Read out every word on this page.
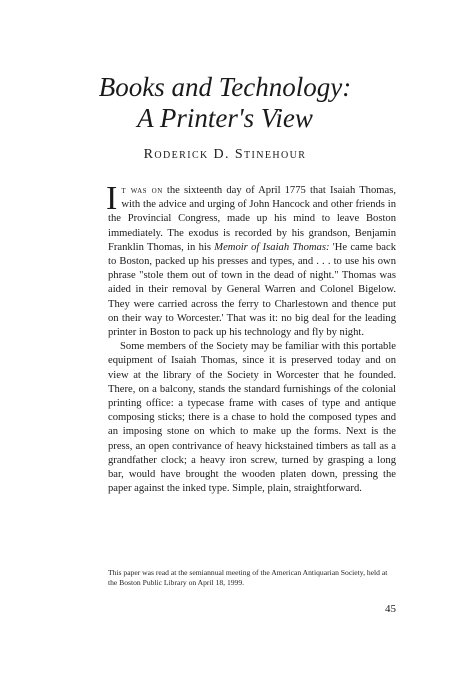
Books and Technology:
A Printer's View
Roderick D. Stinehour

It was on the sixteenth day of April 1775 that Isaiah Thomas, with the advice and urging of John Hancock and other friends in the Provincial Congress, made up his mind to leave Boston immediately. The exodus is recorded by his grandson, Benjamin Franklin Thomas, in his Memoir of Isaiah Thomas: 'He came back to Boston, packed up his presses and types, and . . . to use his own phrase "stole them out of town in the dead of night." Thomas was aided in their removal by General Warren and Colonel Bigelow. They were carried across the ferry to Charlestown and thence put on their way to Worcester.' That was it: no big deal for the leading printer in Boston to pack up his technology and fly by night.

Some members of the Society may be familiar with this portable equipment of Isaiah Thomas, since it is preserved today and on view at the library of the Society in Worcester that he founded. There, on a balcony, stands the standard furnishings of the colonial printing office: a typecase frame with cases of type and antique composing sticks; there is a chase to hold the composed types and an imposing stone on which to make up the forms. Next is the press, an open contrivance of heavy hickstained timbers as tall as a grandfather clock; a heavy iron screw, turned by grasping a long bar, would have brought the wooden platen down, pressing the paper against the inked type. Simple, plain, straightforward.

This paper was read at the semiannual meeting of the American Antiquarian Society, held at the Boston Public Library on April 18, 1999.
45
